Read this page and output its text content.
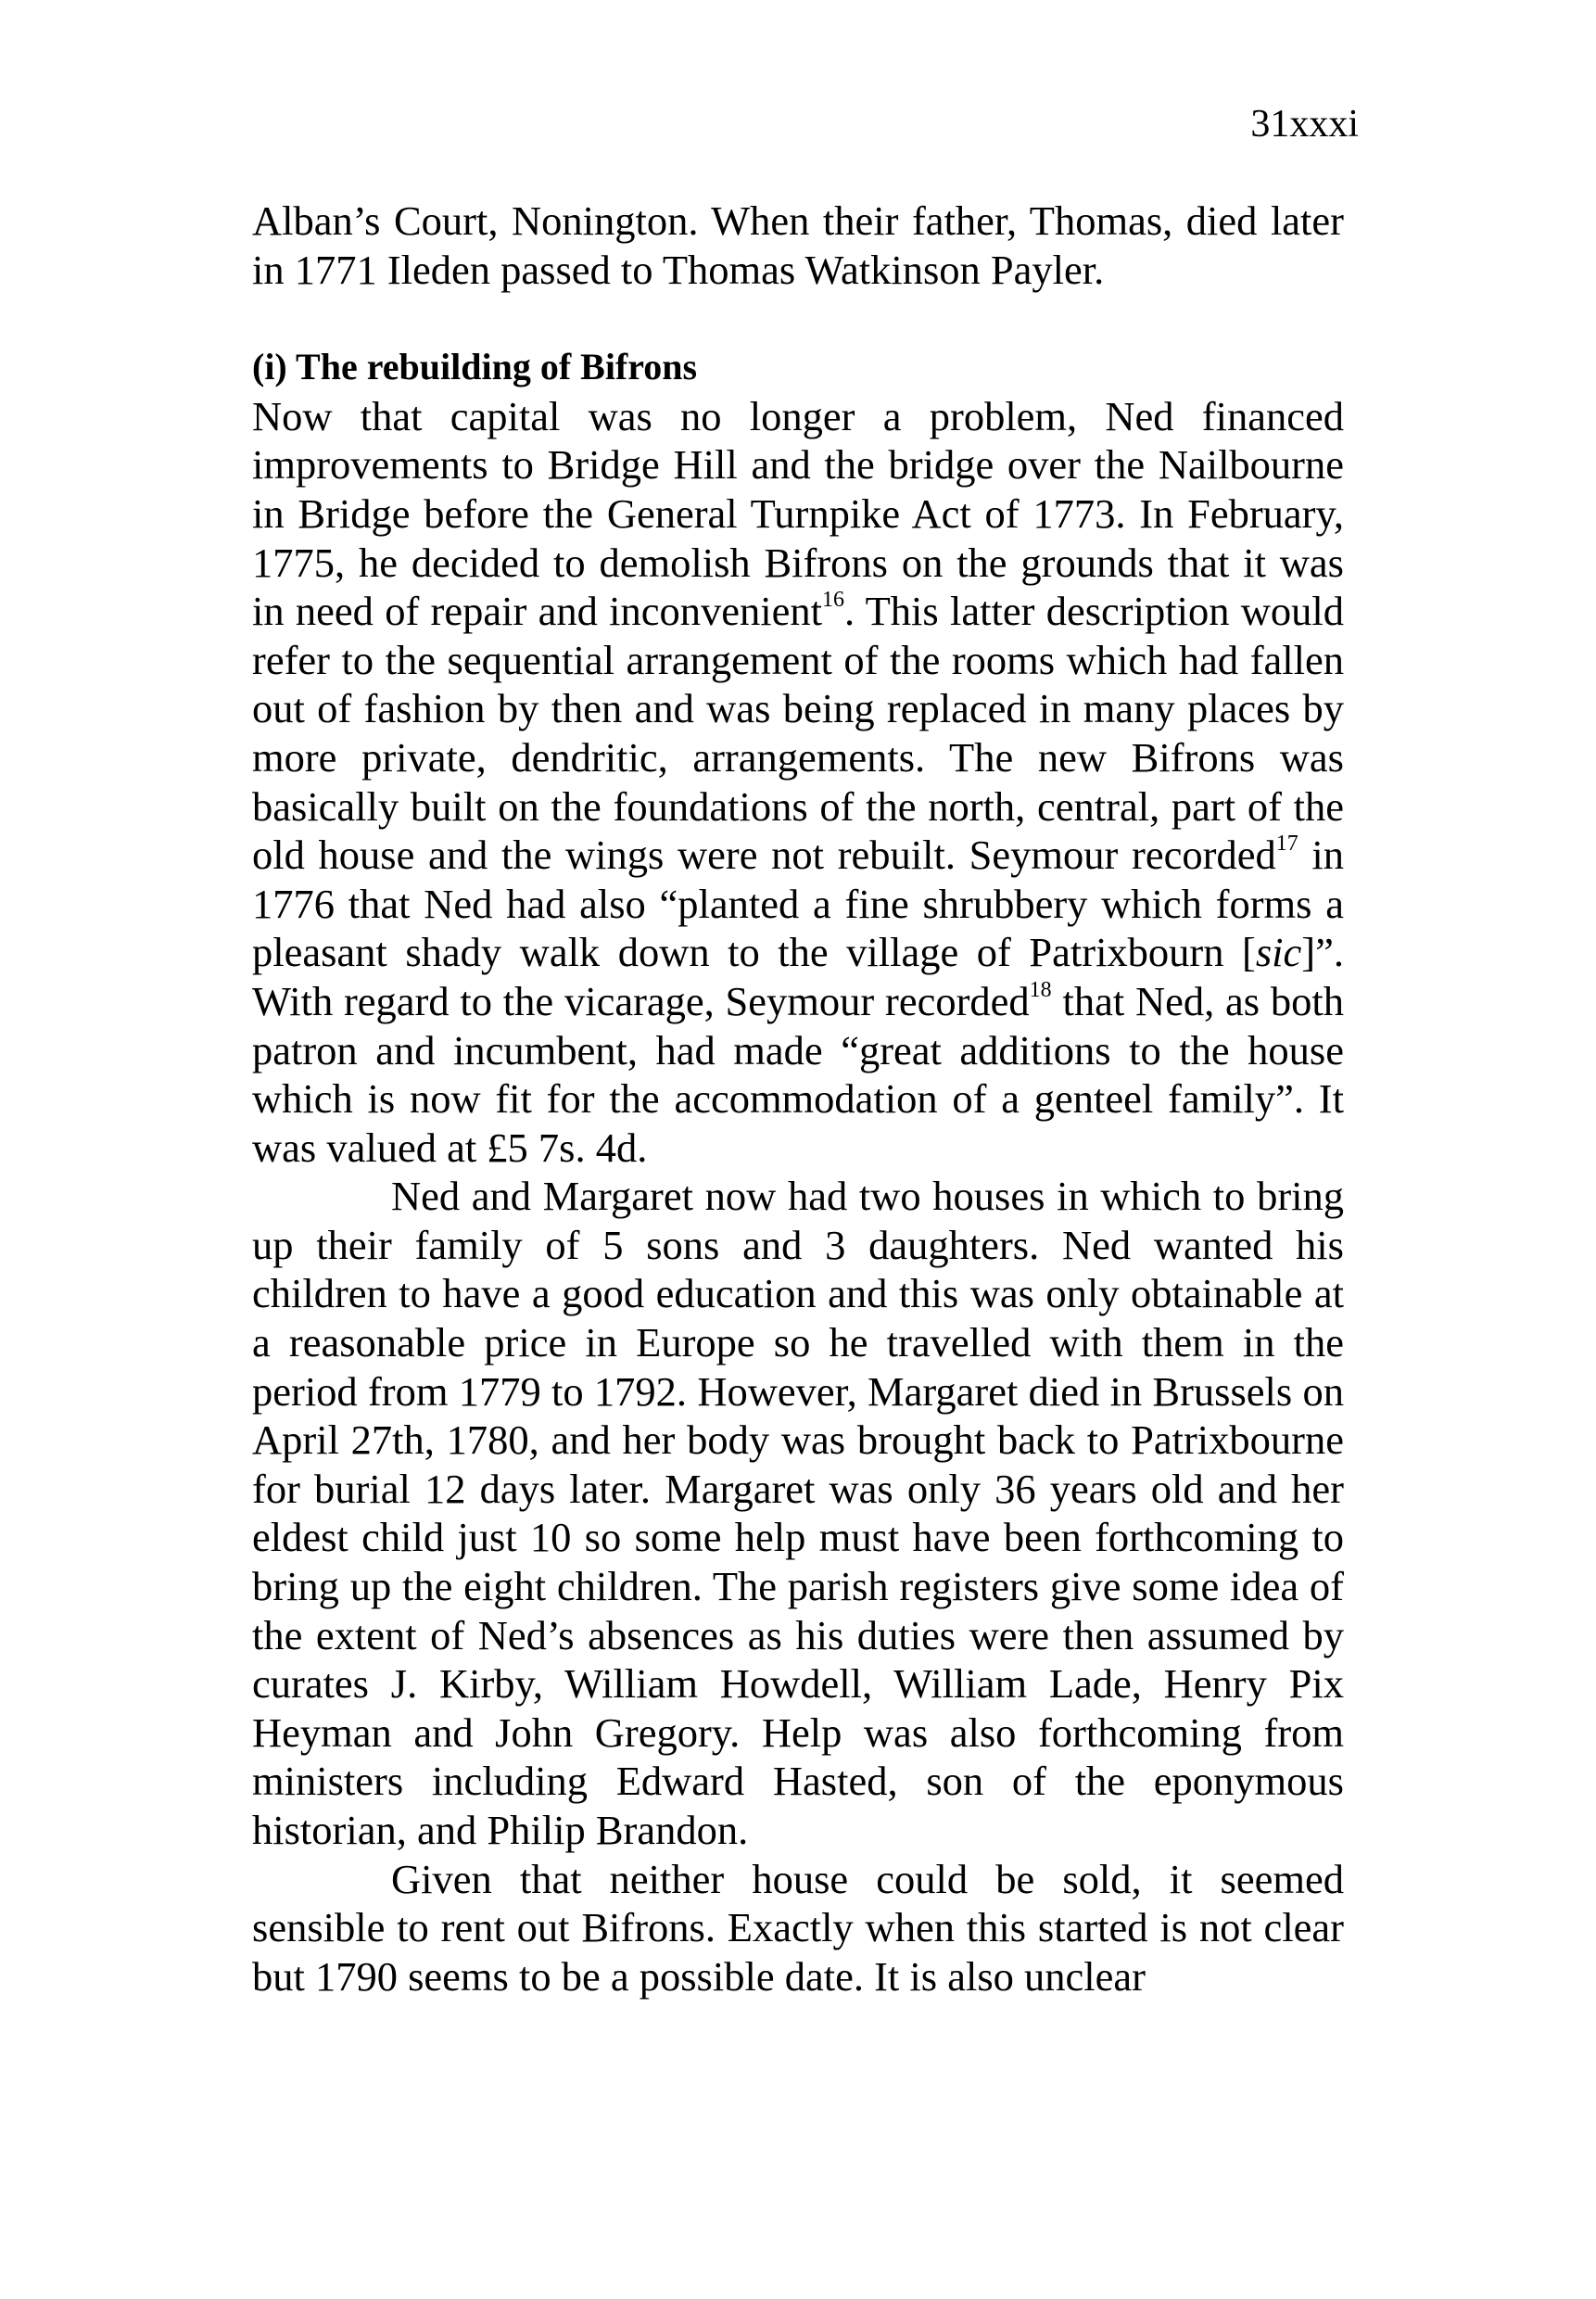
31xxxi

Alban’s Court, Nonington. When their father, Thomas, died later in 1771 Ileden passed to Thomas Watkinson Payler.

(i) The rebuilding of Bifrons

Now that capital was no longer a problem, Ned financed improvements to Bridge Hill and the bridge over the Nailbourne in Bridge before the General Turnpike Act of 1773. In February, 1775, he decided to demolish Bifrons on the grounds that it was in need of repair and inconvenient$^{16}$. This latter description would refer to the sequential arrangement of the rooms which had fallen out of fashion by then and was being replaced in many places by more private, dendritic, arrangements. The new Bifrons was basically built on the foundations of the north, central, part of the old house and the wings were not rebuilt. Seymour recorded$^{17}$ in 1776 that Ned had also “planted a fine shrubbery which forms a pleasant shady walk down to the village of Patrixbourn [sic]”. With regard to the vicarage, Seymour recorded$^{18}$ that Ned, as both patron and incumbent, had made “great additions to the house which is now fit for the accommodation of a genteel family”. It was valued at £5 7s. 4d.

Ned and Margaret now had two houses in which to bring up their family of 5 sons and 3 daughters. Ned wanted his children to have a good education and this was only obtainable at a reasonable price in Europe so he travelled with them in the period from 1779 to 1792. However, Margaret died in Brussels on April 27th, 1780, and her body was brought back to Patrixbourne for burial 12 days later. Margaret was only 36 years old and her eldest child just 10 so some help must have been forthcoming to bring up the eight children. The parish registers give some idea of the extent of Ned’s absences as his duties were then assumed by curates J. Kirby, William Howdell, William Lade, Henry Pix Heyman and John Gregory. Help was also forthcoming from ministers including Edward Hasted, son of the eponymous historian, and Philip Brandon.

Given that neither house could be sold, it seemed sensible to rent out Bifrons. Exactly when this started is not clear but 1790 seems to be a possible date. It is also unclear
